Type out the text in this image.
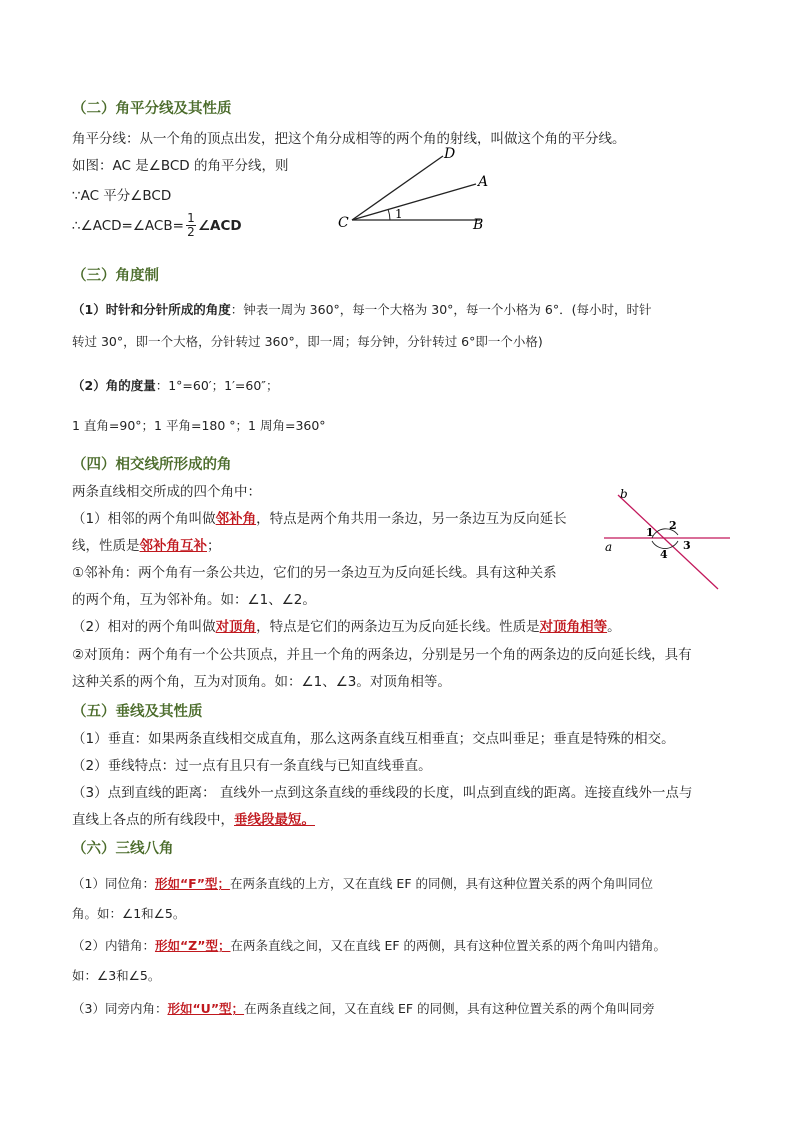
（二）角平分线及其性质
角平分线：从一个角的顶点出发，把这个角分成相等的两个角的射线，叫做这个角的平分线。
如图：AC 是∠BCD 的角平分线，则
∵AC 平分∠BCD
∴∠ACD=∠ACB= 1
2 ∠ACD
D
A
C	B
1
（三）角度制
（1）时针和分针所成的角度：钟表一周为 360°，每一个大格为 30°，每一个小格为 6°．(每小时，时针
转过 30°，即一个大格，分针转过 360°，即一周；每分钟，分针转过 6°即一个小格)
（2）角的度量：1°=60′；1′=60″；
1 直角=90°；1 平角=180 °；1 周角=360°
（四）相交线所形成的角
两条直线相交所成的四个角中：
（1）相邻的两个角叫做邻补角，特点是两个角共用一条边，另一条边互为反向延长
线，性质是邻补角互补；
①邻补角：两个角有一条公共边，它们的另一条边互为反向延长线。具有这种关系
的两个角，互为邻补角。如：∠1、∠2。
（2）相对的两个角叫做对顶角，特点是它们的两条边互为反向延长线。性质是对顶角相等。
②对顶角：两个角有一个公共顶点，并且一个角的两条边，分别是另一个角的两条边的反向延长线，具有
这种关系的两个角，互为对顶角。如：∠1、∠3。对顶角相等。
b
a
1
2
3
4
（五）垂线及其性质
（1）垂直：如果两条直线相交成直角，那么这两条直线互相垂直；交点叫垂足；垂直是特殊的相交。
（2）垂线特点：过一点有且只有一条直线与已知直线垂直。
（3）点到直线的距离： 直线外一点到这条直线的垂线段的长度，叫点到直线的距离。连接直线外一点与
直线上各点的所有线段中，垂线段最短。
（六）三线八角
（1）同位角：形如“F”型；在两条直线的上方，又在直线 EF 的同侧，具有这种位置关系的两个角叫同位
角。如：∠1和∠5。
（2）内错角：形如“Z”型；在两条直线之间，又在直线 EF 的两侧，具有这种位置关系的两个角叫内错角。
如：∠3和∠5。
（3）同旁内角：形如“U”型；在两条直线之间，又在直线 EF 的同侧，具有这种位置关系的两个角叫同旁
